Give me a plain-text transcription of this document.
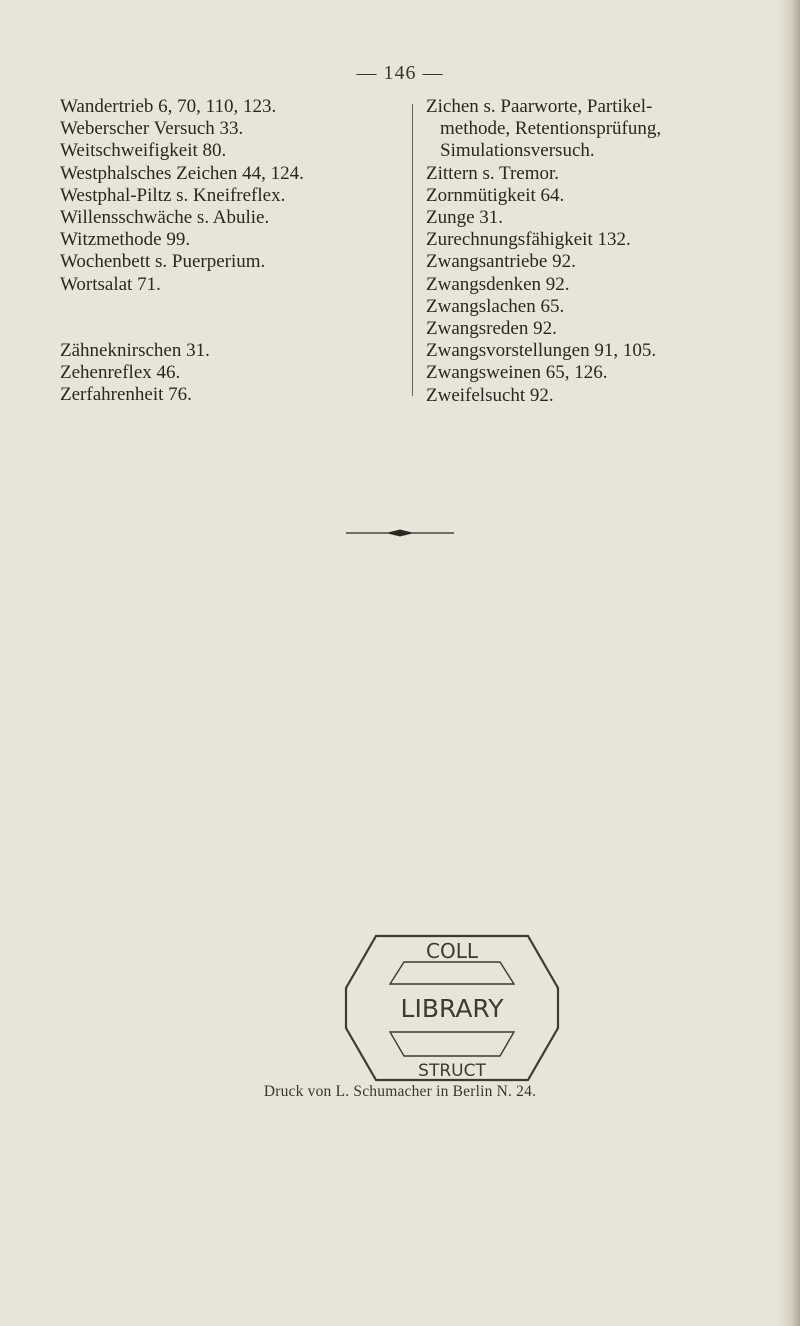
— 146 —
Wandertrieb 6, 70, 110, 123.
Weberscher Versuch 33.
Weitschweifigkeit 80.
Westphalsches Zeichen 44, 124.
Westphal-Piltz s. Kneifreflex.
Willensschwäche s. Abulie.
Witzmethode 99.
Wochenbett s. Puerperium.
Wortsalat 71.
Zähneknirschen 31.
Zehenreflex 46.
Zerfahrenheit 76.
Zichen s. Paarworte, Partikel-
methode, Retentionsprüfung,
Simulationsversuch.
Zittern s. Tremor.
Zornmütigkeit 64.
Zunge 31.
Zurechnungsfähigkeit 132.
Zwangsantriebe 92.
Zwangsdenken 92.
Zwangslachen 65.
Zwangsreden 92.
Zwangsvorstellungen 91, 105.
Zwangsweinen 65, 126.
Zweifelsucht 92.
COLL
LIBRARY
STRUCT
Druck von L. Schumacher in Berlin N. 24.
